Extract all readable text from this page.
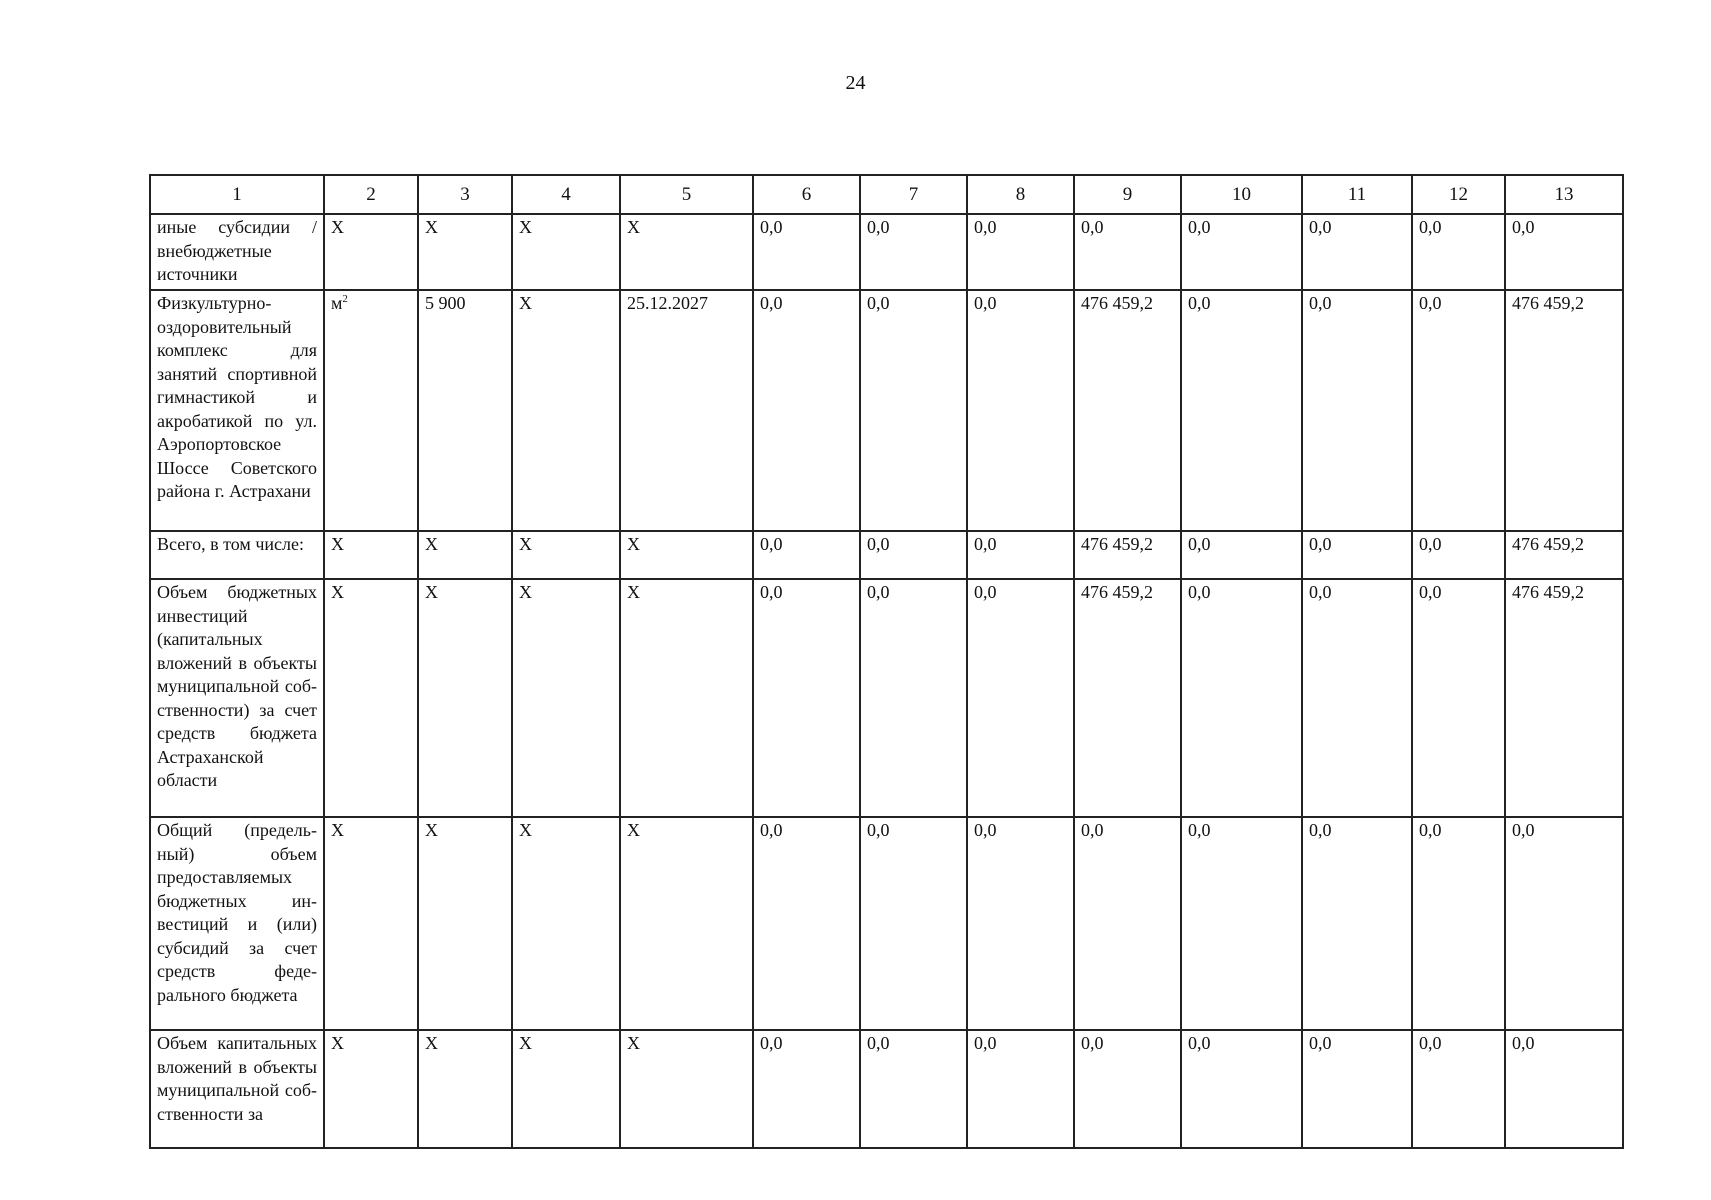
24
1	2	3	4	5	6	7	8	9	10	11	12	13
иные субсидии / внебюджетные источники	X	X	X	X	0,0	0,0	0,0	0,0	0,0	0,0	0,0	0,0
Физкультурно-оздоровительный комплекс для занятий спортивной гимнастикой и акробатикой по ул. Аэропортовское Шоссе Советского района г. Астрахани	$м^2$	5 900	X	25.12.2027	0,0	0,0	0,0	476 459,2	0,0	0,0	0,0	476 459,2
Всего, в том числе:	X	X	X	X	0,0	0,0	0,0	476 459,2	0,0	0,0	0,0	476 459,2
Объем бюджетных инвестиций (капитальных вложений в объекты муниципальной собственности) за счет средств бюджета Астраханской области	X	X	X	X	0,0	0,0	0,0	476 459,2	0,0	0,0	0,0	476 459,2
Общий (предельный) объем предоставляемых бюджетных инвестиций и (или) субсидий за счет средств федерального бюджета	X	X	X	X	0,0	0,0	0,0	0,0	0,0	0,0	0,0	0,0
Объем капитальных вложений в объекты муниципальной собственности за	X	X	X	X	0,0	0,0	0,0	0,0	0,0	0,0	0,0	0,0
